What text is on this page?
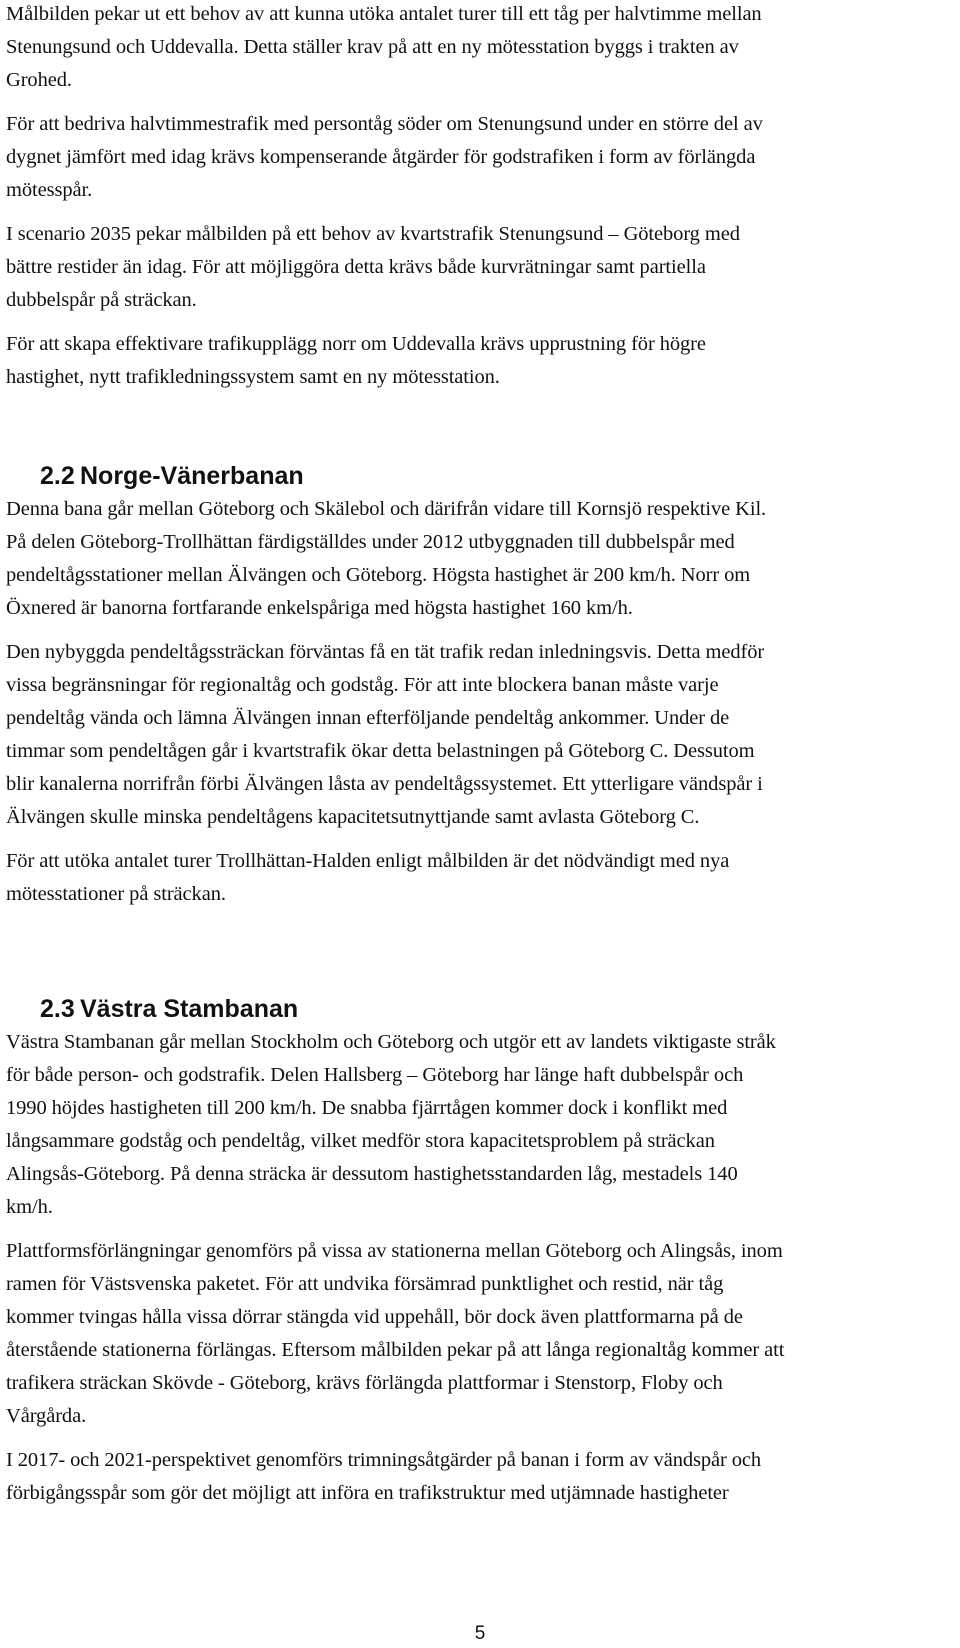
Målbilden pekar ut ett behov av att kunna utöka antalet turer till ett tåg per halvtimme mellan
Stenungsund och Uddevalla. Detta ställer krav på att en ny mötesstation byggs i trakten av
Grohed.

För att bedriva halvtimmestrafik med persontåg söder om Stenungsund under en större del av
dygnet jämfört med idag krävs kompenserande åtgärder för godstrafiken i form av förlängda
mötesspår.

I scenario 2035 pekar målbilden på ett behov av kvartstrafik Stenungsund – Göteborg med
bättre restider än idag. För att möjliggöra detta krävs både kurvrätningar samt partiella
dubbelspår på sträckan.

För att skapa effektivare trafikupplägg norr om Uddevalla krävs upprustning för högre
hastighet, nytt trafikledningssystem samt en ny mötesstation.

2.2 Norge-Vänerbanan

Denna bana går mellan Göteborg och Skälebol och därifrån vidare till Kornsjö respektive Kil.
På delen Göteborg-Trollhättan färdigställdes under 2012 utbyggnaden till dubbelspår med
pendeltågsstationer mellan Älvängen och Göteborg. Högsta hastighet är 200 km/h. Norr om
Öxnered är banorna fortfarande enkelspåriga med högsta hastighet 160 km/h.

Den nybyggda pendeltågssträckan förväntas få en tät trafik redan inledningsvis. Detta medför
vissa begränsningar för regionaltåg och godståg. För att inte blockera banan måste varje
pendeltåg vända och lämna Älvängen innan efterföljande pendeltåg ankommer. Under de
timmar som pendeltågen går i kvartstrafik ökar detta belastningen på Göteborg C. Dessutom
blir kanalerna norrifrån förbi Älvängen låsta av pendeltågssystemet. Ett ytterligare vändspår i
Älvängen skulle minska pendeltågens kapacitetsutnyttjande samt avlasta Göteborg C.

För att utöka antalet turer Trollhättan-Halden enligt målbilden är det nödvändigt med nya
mötesstationer på sträckan.

2.3 Västra Stambanan

Västra Stambanan går mellan Stockholm och Göteborg och utgör ett av landets viktigaste stråk
för både person- och godstrafik. Delen Hallsberg – Göteborg har länge haft dubbelspår och
1990 höjdes hastigheten till 200 km/h. De snabba fjärrtågen kommer dock i konflikt med
långsammare godståg och pendeltåg, vilket medför stora kapacitetsproblem på sträckan
Alingsås-Göteborg. På denna sträcka är dessutom hastighetsstandarden låg, mestadels 140
km/h.

Plattformsförlängningar genomförs på vissa av stationerna mellan Göteborg och Alingsås, inom
ramen för Västsvenska paketet. För att undvika försämrad punktlighet och restid, när tåg
kommer tvingas hålla vissa dörrar stängda vid uppehåll, bör dock även plattformarna på de
återstående stationerna förlängas. Eftersom målbilden pekar på att långa regionaltåg kommer att
trafikera sträckan Skövde - Göteborg, krävs förlängda plattformar i Stenstorp, Floby och
Vårgårda.

I 2017- och 2021-perspektivet genomförs trimningsåtgärder på banan i form av vändspår och
förbigångsspår som gör det möjligt att införa en trafikstruktur med utjämnade hastigheter

5
